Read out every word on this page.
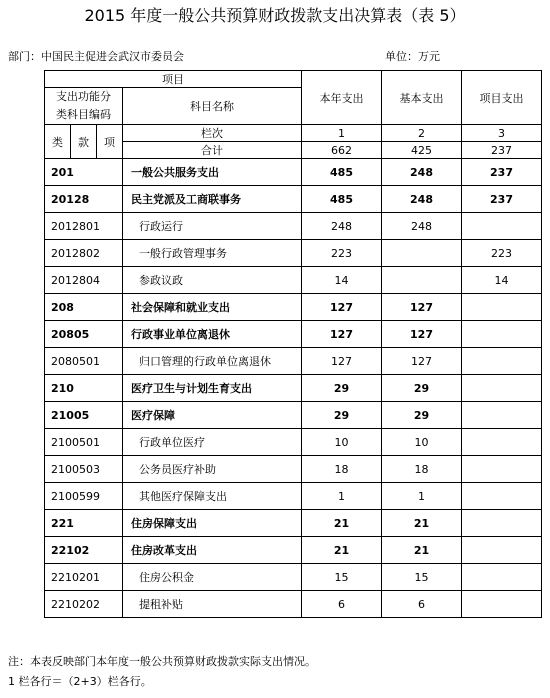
2015 年度一般公共预算财政拨款支出决算表（表 5）
部门：中国民主促进会武汉市委员会	单位：万元
项目				本年支出	基本支出	项目支出

支出功能分
类科目编码			科目名称			
类	款	项				
			栏次	1	2	3
			合计	662	425	237
201			一般公共服务支出	485	248	237
20128			民主党派及工商联事务	485	248	237
2012801			行政运行	248	248	
2012802			一般行政管理事务	223		223
2012804			参政议政	14		14
208			社会保障和就业支出	127	127	
20805			行政事业单位离退休	127	127	
2080501			归口管理的行政单位离退休	127	127	
210			医疗卫生与计划生育支出	29	29	
21005			医疗保障	29	29	
2100501			行政单位医疗	10	10	
2100503			公务员医疗补助	18	18	
2100599			其他医疗保障支出	1	1	
221			住房保障支出	21	21	
22102			住房改革支出	21	21	
2210201			住房公积金	15	15	
2210202			提租补贴	6	6	
注：本表反映部门本年度一般公共预算财政拨款实际支出情况。
1 栏各行＝（2+3）栏各行。
